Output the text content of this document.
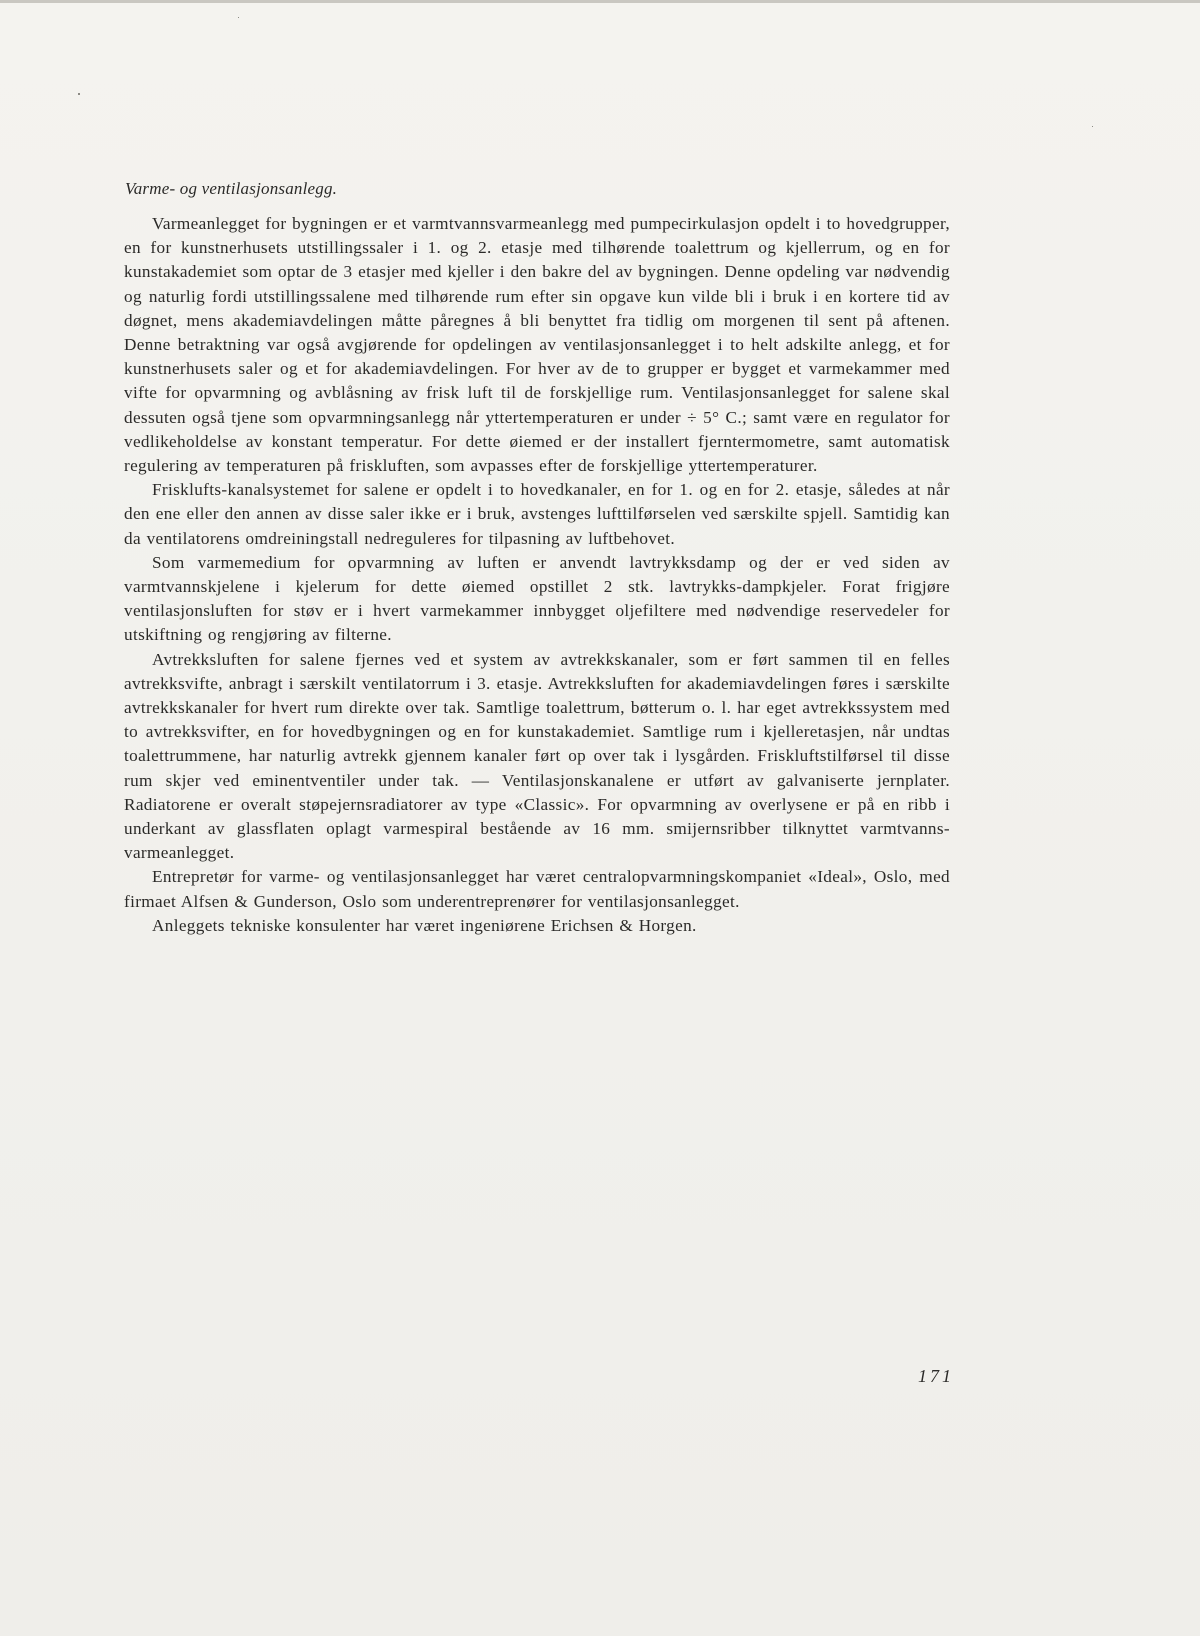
Varme- og ventilasjonsanlegg.

Varmeanlegget for bygningen er et varmtvannsvarmeanlegg med pumpecirkulasjon opdelt i to hovedgrupper, en for kunstnerhusets utstillingssaler i 1. og 2. etasje med tilhørende toalettrum og kjellerrum, og en for kunstakademiet som optar de 3 etasjer med kjeller i den bakre del av bygningen. Denne opdeling var nødvendig og naturlig fordi utstillingssalene med tilhørende rum efter sin opgave kun vilde bli i bruk i en kortere tid av døgnet, mens akademiavdelingen måtte påregnes å bli benyttet fra tidlig om morgenen til sent på aftenen. Denne betraktning var også avgjørende for opdelingen av ventilasjonsanlegget i to helt adskilte anlegg, et for kunstnerhusets saler og et for akademiavdelingen. For hver av de to grupper er bygget et varmekammer med vifte for opvarmning og avblåsning av frisk luft til de forskjellige rum. Ventilasjonsanlegget for salene skal dessuten også tjene som opvarmningsanlegg når yttertemperaturen er under ÷ 5° C.; samt være en regulator for vedlikeholdelse av konstant temperatur. For dette øiemed er der installert fjerntermometre, samt automatisk regulering av temperaturen på friskluften, som avpasses efter de forskjellige yttertemperaturer.

Frisklufts-kanalsystemet for salene er opdelt i to hovedkanaler, en for 1. og en for 2. etasje, således at når den ene eller den annen av disse saler ikke er i bruk, avstenges lufttilførselen ved særskilte spjell. Samtidig kan da ventilatorens omdreiningstall nedreguleres for tilpasning av luftbehovet.

Som varmemedium for opvarmning av luften er anvendt lavtrykksdamp og der er ved siden av varmtvannskjelene i kjelerum for dette øiemed opstillet 2 stk. lavtrykks-dampkjeler. Forat frigjøre ventilasjonsluften for støv er i hvert varmekammer innbygget oljefiltere med nødvendige reservedeler for utskiftning og rengjøring av filterne.

Avtrekksluften for salene fjernes ved et system av avtrekkskanaler, som er ført sammen til en felles avtrekksvifte, anbragt i særskilt ventilatorrum i 3. etasje. Avtrekksluften for akademiavdelingen føres i særskilte avtrekkskanaler for hvert rum direkte over tak. Samtlige toalettrum, bøtterum o. l. har eget avtrekkssystem med to avtrekksvifter, en for hovedbygningen og en for kunstakademiet. Samtlige rum i kjelleretasjen, når undtas toalettrummene, har naturlig avtrekk gjennem kanaler ført op over tak i lysgården. Friskluftstilførsel til disse rum skjer ved eminentventiler under tak. — Ventilasjonskanalene er utført av galvaniserte jernplater. Radiatorene er overalt støpejernsradiatorer av type «Classic». For opvarmning av overlysene er på en ribb i underkant av glassflaten oplagt varmespiral bestående av 16 mm. smijernsribber tilknyttet varmtvanns-varmeanlegget.

Entrepretør for varme- og ventilasjonsanlegget har været centralopvarmningskompaniet «Ideal», Oslo, med firmaet Alfsen & Gunderson, Oslo som underentreprenører for ventilasjonsanlegget.

Anleggets tekniske konsulenter har været ingeniørene Erichsen & Horgen.

171
